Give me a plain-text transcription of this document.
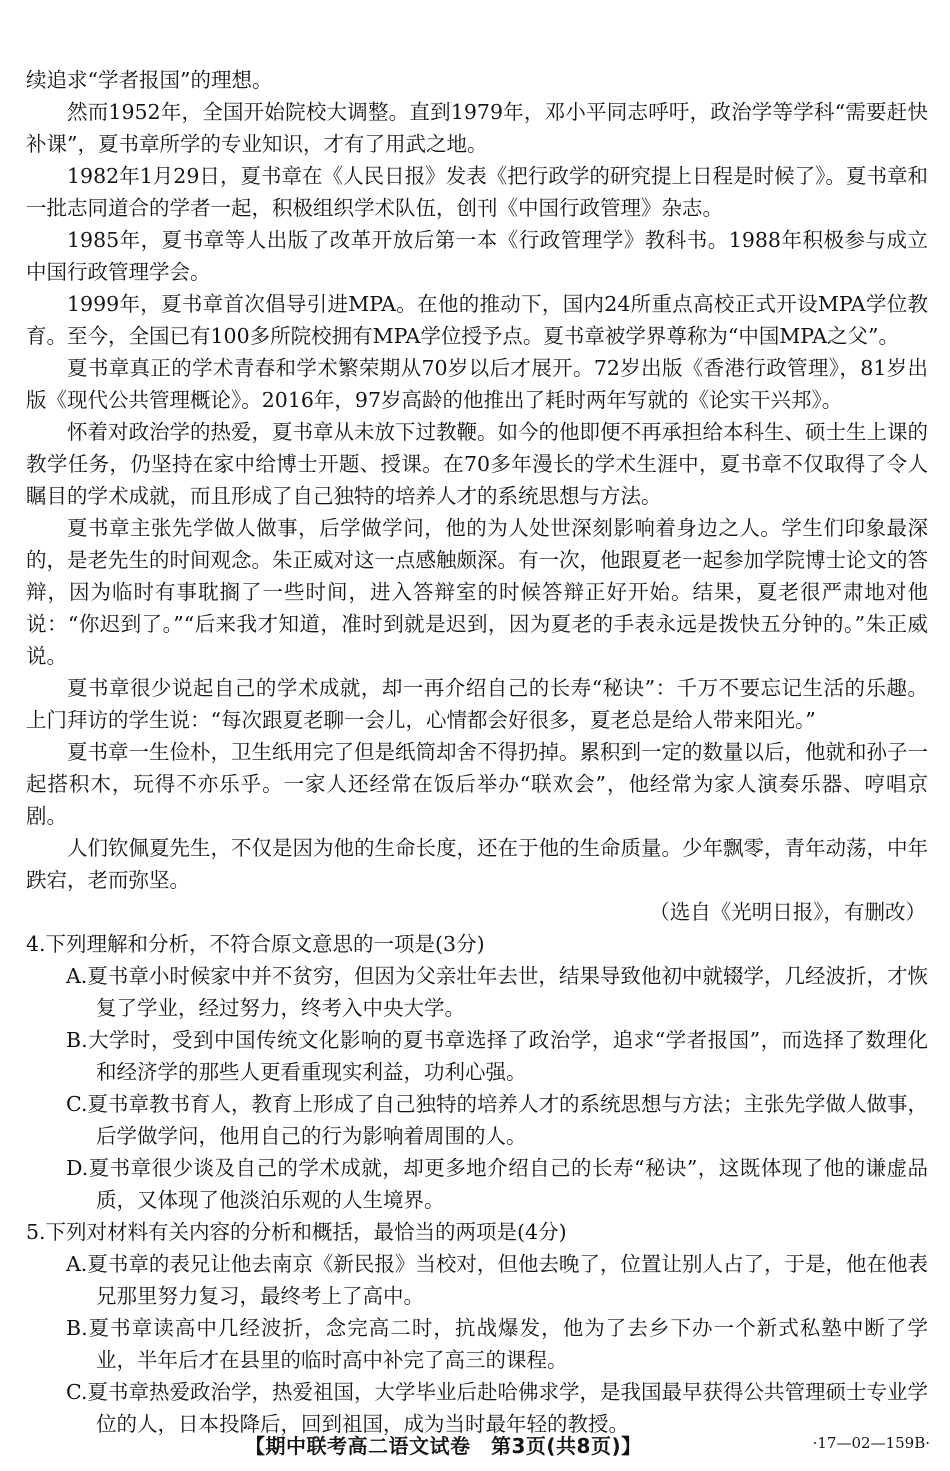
续追求“学者报国”的理想。

然而1952年，全国开始院校大调整。直到1979年，邓小平同志呼吁，政治学等学科“需要赶快补课”，夏书章所学的专业知识，才有了用武之地。

1982年1月29日，夏书章在《人民日报》发表《把行政学的研究提上日程是时候了》。夏书章和一批志同道合的学者一起，积极组织学术队伍，创刊《中国行政管理》杂志。

1985年，夏书章等人出版了改革开放后第一本《行政管理学》教科书。1988年积极参与成立中国行政管理学会。

1999年，夏书章首次倡导引进MPA。在他的推动下，国内24所重点高校正式开设MPA学位教育。至今，全国已有100多所院校拥有MPA学位授予点。夏书章被学界尊称为“中国MPA之父”。

夏书章真正的学术青春和学术繁荣期从70岁以后才展开。72岁出版《香港行政管理》，81岁出版《现代公共管理概论》。2016年，97岁高龄的他推出了耗时两年写就的《论实干兴邦》。

怀着对政治学的热爱，夏书章从未放下过教鞭。如今的他即便不再承担给本科生、硕士生上课的教学任务，仍坚持在家中给博士开题、授课。在70多年漫长的学术生涯中，夏书章不仅取得了令人瞩目的学术成就，而且形成了自己独特的培养人才的系统思想与方法。

夏书章主张先学做人做事，后学做学问，他的为人处世深刻影响着身边之人。学生们印象最深的，是老先生的时间观念。朱正威对这一点感触颇深。有一次，他跟夏老一起参加学院博士论文的答辩，因为临时有事耽搁了一些时间，进入答辩室的时候答辩正好开始。结果，夏老很严肃地对他说：“你迟到了。”“后来我才知道，准时到就是迟到，因为夏老的手表永远是拨快五分钟的。”朱正威说。

夏书章很少说起自己的学术成就，却一再介绍自己的长寿“秘诀”：千万不要忘记生活的乐趣。上门拜访的学生说：“每次跟夏老聊一会儿，心情都会好很多，夏老总是给人带来阳光。”

夏书章一生俭朴，卫生纸用完了但是纸筒却舍不得扔掉。累积到一定的数量以后，他就和孙子一起搭积木，玩得不亦乐乎。一家人还经常在饭后举办“联欢会”，他经常为家人演奏乐器、哼唱京剧。

人们钦佩夏先生，不仅是因为他的生命长度，还在于他的生命质量。少年飘零，青年动荡，中年跌宕，老而弥坚。

（选自《光明日报》，有删改）

4.下列理解和分析，不符合原文意思的一项是(3分)

A.夏书章小时候家中并不贫穷，但因为父亲壮年去世，结果导致他初中就辍学，几经波折，才恢复了学业，经过努力，终考入中央大学。

B.大学时，受到中国传统文化影响的夏书章选择了政治学，追求“学者报国”，而选择了数理化和经济学的那些人更看重现实利益，功利心强。

C.夏书章教书育人，教育上形成了自己独特的培养人才的系统思想与方法；主张先学做人做事，后学做学问，他用自己的行为影响着周围的人。

D.夏书章很少谈及自己的学术成就，却更多地介绍自己的长寿“秘诀”，这既体现了他的谦虚品质，又体现了他淡泊乐观的人生境界。

5.下列对材料有关内容的分析和概括，最恰当的两项是(4分)

A.夏书章的表兄让他去南京《新民报》当校对，但他去晚了，位置让别人占了，于是，他在他表兄那里努力复习，最终考上了高中。

B.夏书章读高中几经波折，念完高二时，抗战爆发，他为了去乡下办一个新式私塾中断了学业，半年后才在县里的临时高中补完了高三的课程。

C.夏书章热爱政治学，热爱祖国，大学毕业后赴哈佛求学，是我国最早获得公共管理硕士专业学位的人，日本投降后，回到祖国，成为当时最年轻的教授。

【期中联考高二语文试卷　第3页(共8页)】	·17—02—159B·
